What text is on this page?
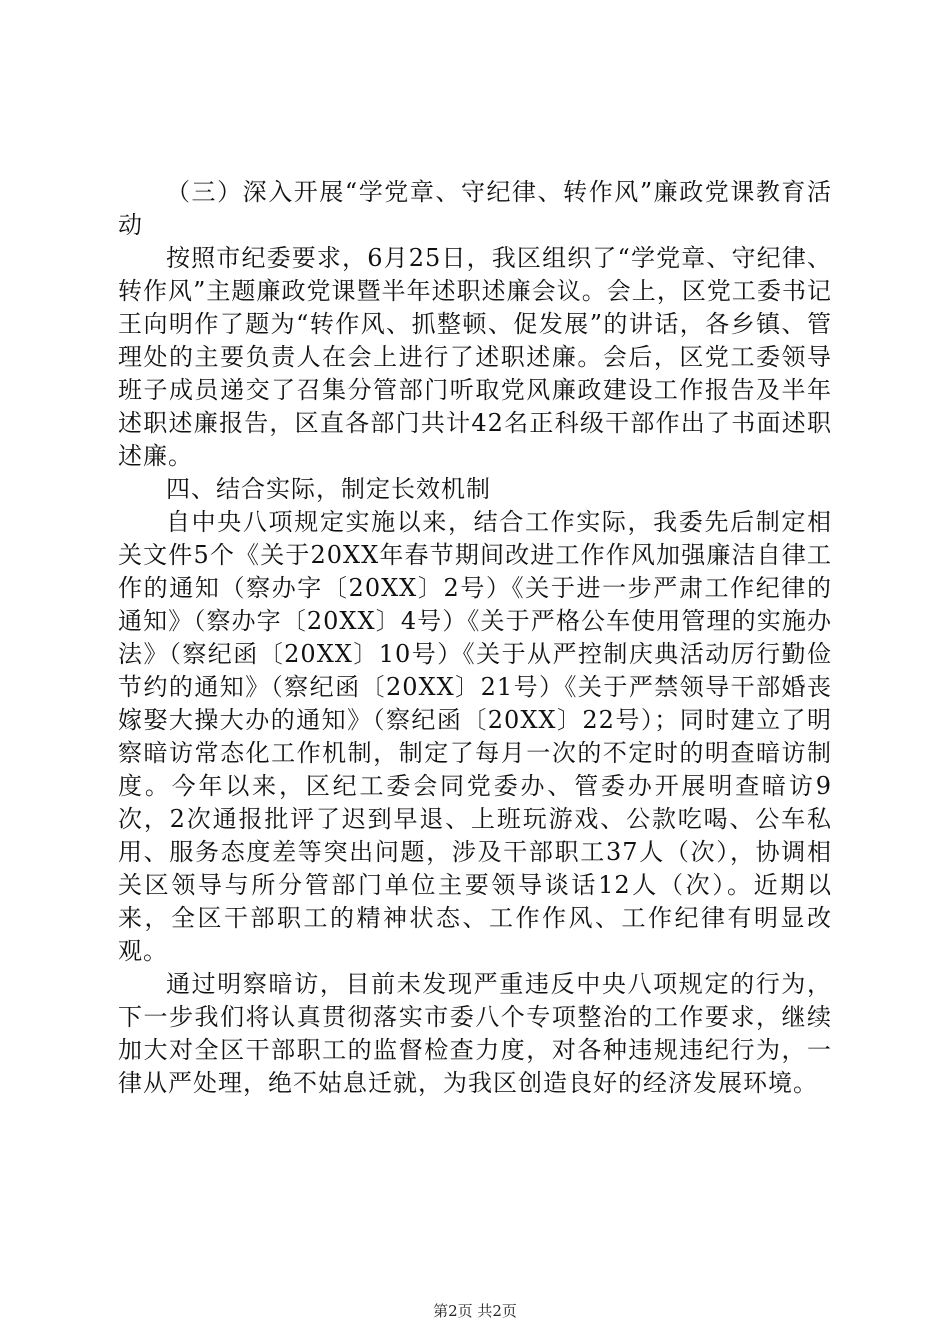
（三）深入开展“学党章、守纪律、转作风”廉政党课教育活动

按照市纪委要求，6月25日，我区组织了“学党章、守纪律、转作风”主题廉政党课暨半年述职述廉会议。会上，区党工委书记王向明作了题为“转作风、抓整顿、促发展”的讲话，各乡镇、管理处的主要负责人在会上进行了述职述廉。会后，区党工委领导班子成员递交了召集分管部门听取党风廉政建设工作报告及半年述职述廉报告，区直各部门共计42名正科级干部作出了书面述职述廉。

四、结合实际，制定长效机制

自中央八项规定实施以来，结合工作实际，我委先后制定相关文件5个《关于20XX年春节期间改进工作作风加强廉洁自律工作的通知（察办字〔20XX〕2号）《关于进一步严肃工作纪律的通知》（察办字〔20XX〕4号）《关于严格公车使用管理的实施办法》（察纪函〔20XX〕10号）《关于从严控制庆典活动厉行勤俭节约的通知》（察纪函〔20XX〕21号）《关于严禁领导干部婚丧嫁娶大操大办的通知》（察纪函〔20XX〕22号）；同时建立了明察暗访常态化工作机制，制定了每月一次的不定时的明查暗访制度。今年以来，区纪工委会同党委办、管委办开展明查暗访9次，2次通报批评了迟到早退、上班玩游戏、公款吃喝、公车私用、服务态度差等突出问题，涉及干部职工37人（次），协调相关区领导与所分管部门单位主要领导谈话12人（次）。近期以来，全区干部职工的精神状态、工作作风、工作纪律有明显改观。

通过明察暗访，目前未发现严重违反中央八项规定的行为，下一步我们将认真贯彻落实市委八个专项整治的工作要求，继续加大对全区干部职工的监督检查力度，对各种违规违纪行为，一律从严处理，绝不姑息迁就，为我区创造良好的经济发展环境。

第2页 共2页
